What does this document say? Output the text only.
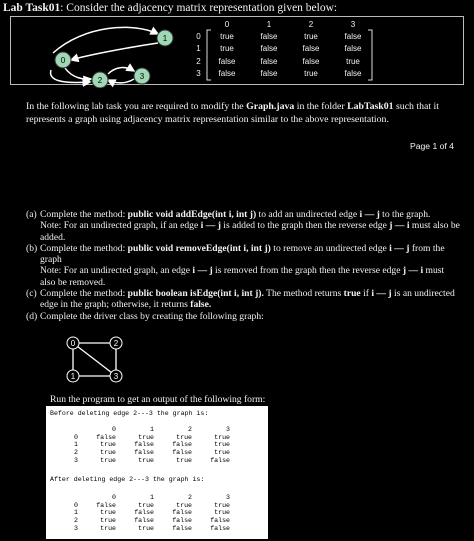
Lab Task01: Consider the adjacency matrix representation given below:
0
1
2	3
	0	1	2	3
0	true	false	true	false
1	true	false	false	false
2	false	false	false	true
3	false	false	true	false
In the following lab task you are required to modify the Graph.java in the folder LabTask01 such that it represents a graph using adjacency matrix representation similar to the above representation.
Page 1 of 4
(a) Complete the method: public void addEdge(int i, int j) to add an undirected edge i — j to the graph.
Note: For an undirected graph, if an edge i — j is added to the graph then the reverse edge j — i must also be added.
(b) Complete the method: public void removeEdge(int i, int j) to remove an undirected edge i — j from the graph
Note: For an undirected graph, an edge i — j is removed from the graph then the reverse edge j — i must also be removed.
(c) Complete the method: public boolean isEdge(int i, int j). The method returns true if i — j is an undirected edge in the graph; otherwise, it returns false.
(d) Complete the driver class by creating the following graph:
0	2
1	3
Run the program to get an output of the following form:
Before deleting edge 2---3 the graph is:
	0	1	2	3
0	false	true	true	true
1	true	false	false	true
2	true	false	false	true
3	true	true	true	false
After deleting edge 2---3 the graph is:
	0	1	2	3
0	false	true	true	true
1	true	false	false	true
2	true	false	false	false
3	true	true	false	false
